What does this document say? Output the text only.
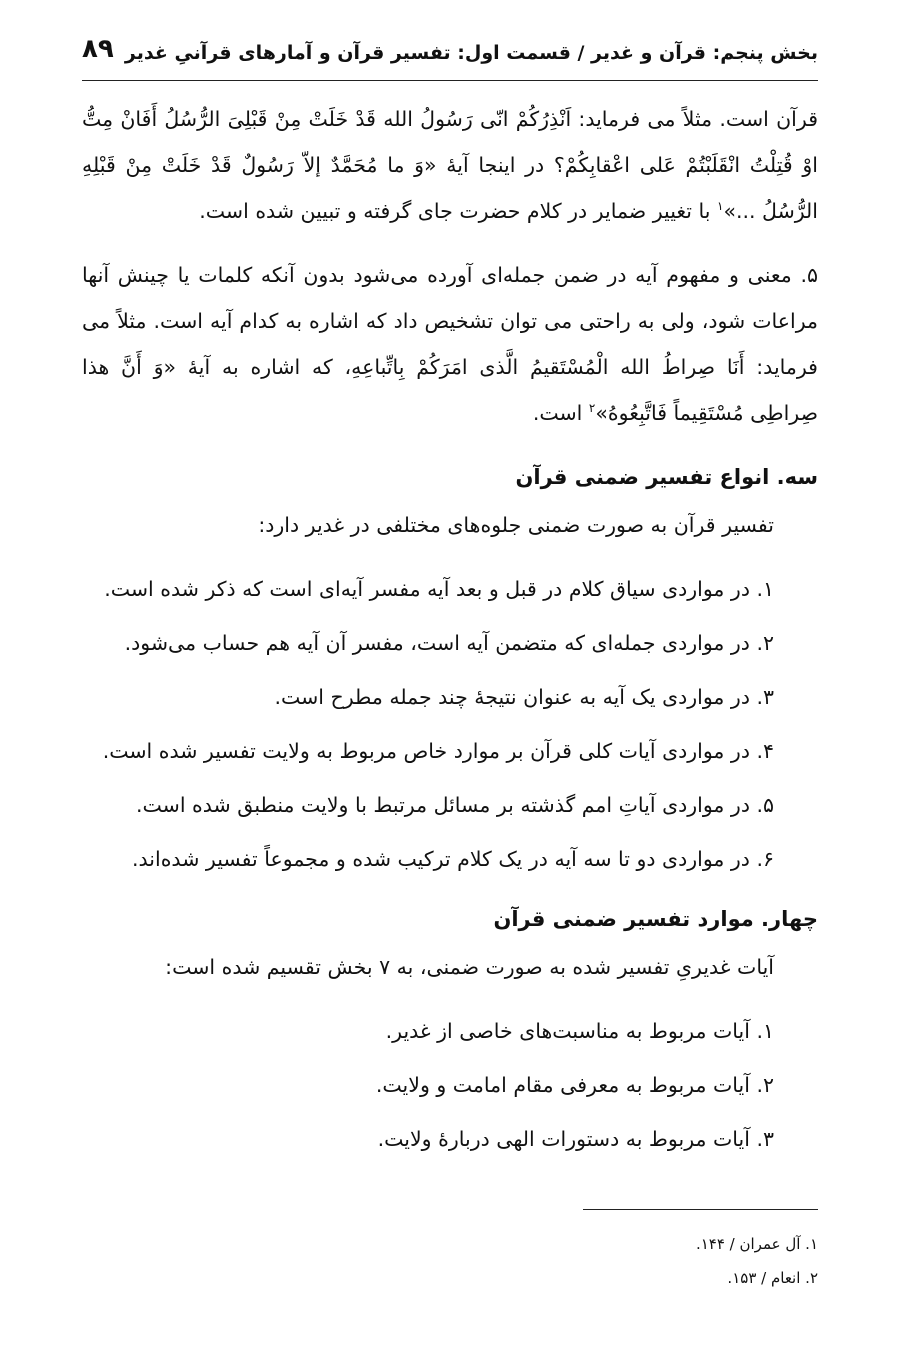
بخش پنجم: قرآن و غدیر / قسمت اول: تفسیر قرآن و آمارهای قرآنیِ غدیر
۸۹

قرآن است. مثلاً می فرماید: اَنْذِرُكُمْ انّی رَسُولُ الله قَدْ خَلَتْ مِنْ قَبْلِیَ الرُّسُلُ أَفَانْ مِتُّ اوْ قُتِلْتُ انْقَلَبْتُمْ عَلی اعْقابِكُمْ؟ در اینجا آیهٔ «وَ ما مُحَمَّدٌ إلاّ رَسُولٌ قَدْ خَلَتْ مِنْ قَبْلِهِ الرُّسُلُ ...»$^۱$ با تغییر ضمایر در کلام حضرت جای گرفته و تبیین شده است.

۵. معنی و مفهوم آیه در ضمن جمله‌ای آورده می‌شود بدون آنکه کلمات یا چینش آنها مراعات شود، ولی به راحتی می توان تشخیص داد که اشاره به کدام آیه است. مثلاً می فرماید: أَنَا صِراطُ الله الْمُسْتَقیمُ الَّذی امَرَكُمْ بِاتِّباعِهِ، که اشاره به آیهٔ «وَ أَنَّ هذا صِراطِی مُسْتَقِیماً فَاتَّبِعُوهُ»$^۲$ است.

سه. انواع تفسیر ضمنی قرآن

تفسیر قرآن به صورت ضمنی جلوه‌های مختلفی در غدیر دارد:

۱. در مواردی سیاق کلام در قبل و بعد آیه مفسر آیه‌ای است که ذکر شده است.
۲. در مواردی جمله‌ای که متضمن آیه است، مفسر آن آیه هم حساب می‌شود.
۳. در مواردی یک آیه به عنوان نتیجهٔ چند جمله مطرح است.
۴. در مواردی آیات کلی قرآن بر موارد خاص مربوط به ولایت تفسیر شده است.
۵. در مواردی آیاتِ امم گذشته بر مسائل مرتبط با ولایت منطبق شده است.
۶. در مواردی دو تا سه آیه در یک کلام ترکیب شده و مجموعاً تفسیر شده‌اند.
چهار. موارد تفسیر ضمنی قرآن

آیات غدیریِ تفسیر شده به صورت ضمنی، به ۷ بخش تقسیم شده است:

۱. آیات مربوط به مناسبت‌های خاصی از غدیر.
۲. آیات مربوط به معرفی مقام امامت و ولایت.
۳. آیات مربوط به دستورات الهی دربارهٔ ولایت.
۱. آل عمران / ۱۴۴.
۲. انعام / ۱۵۳.
